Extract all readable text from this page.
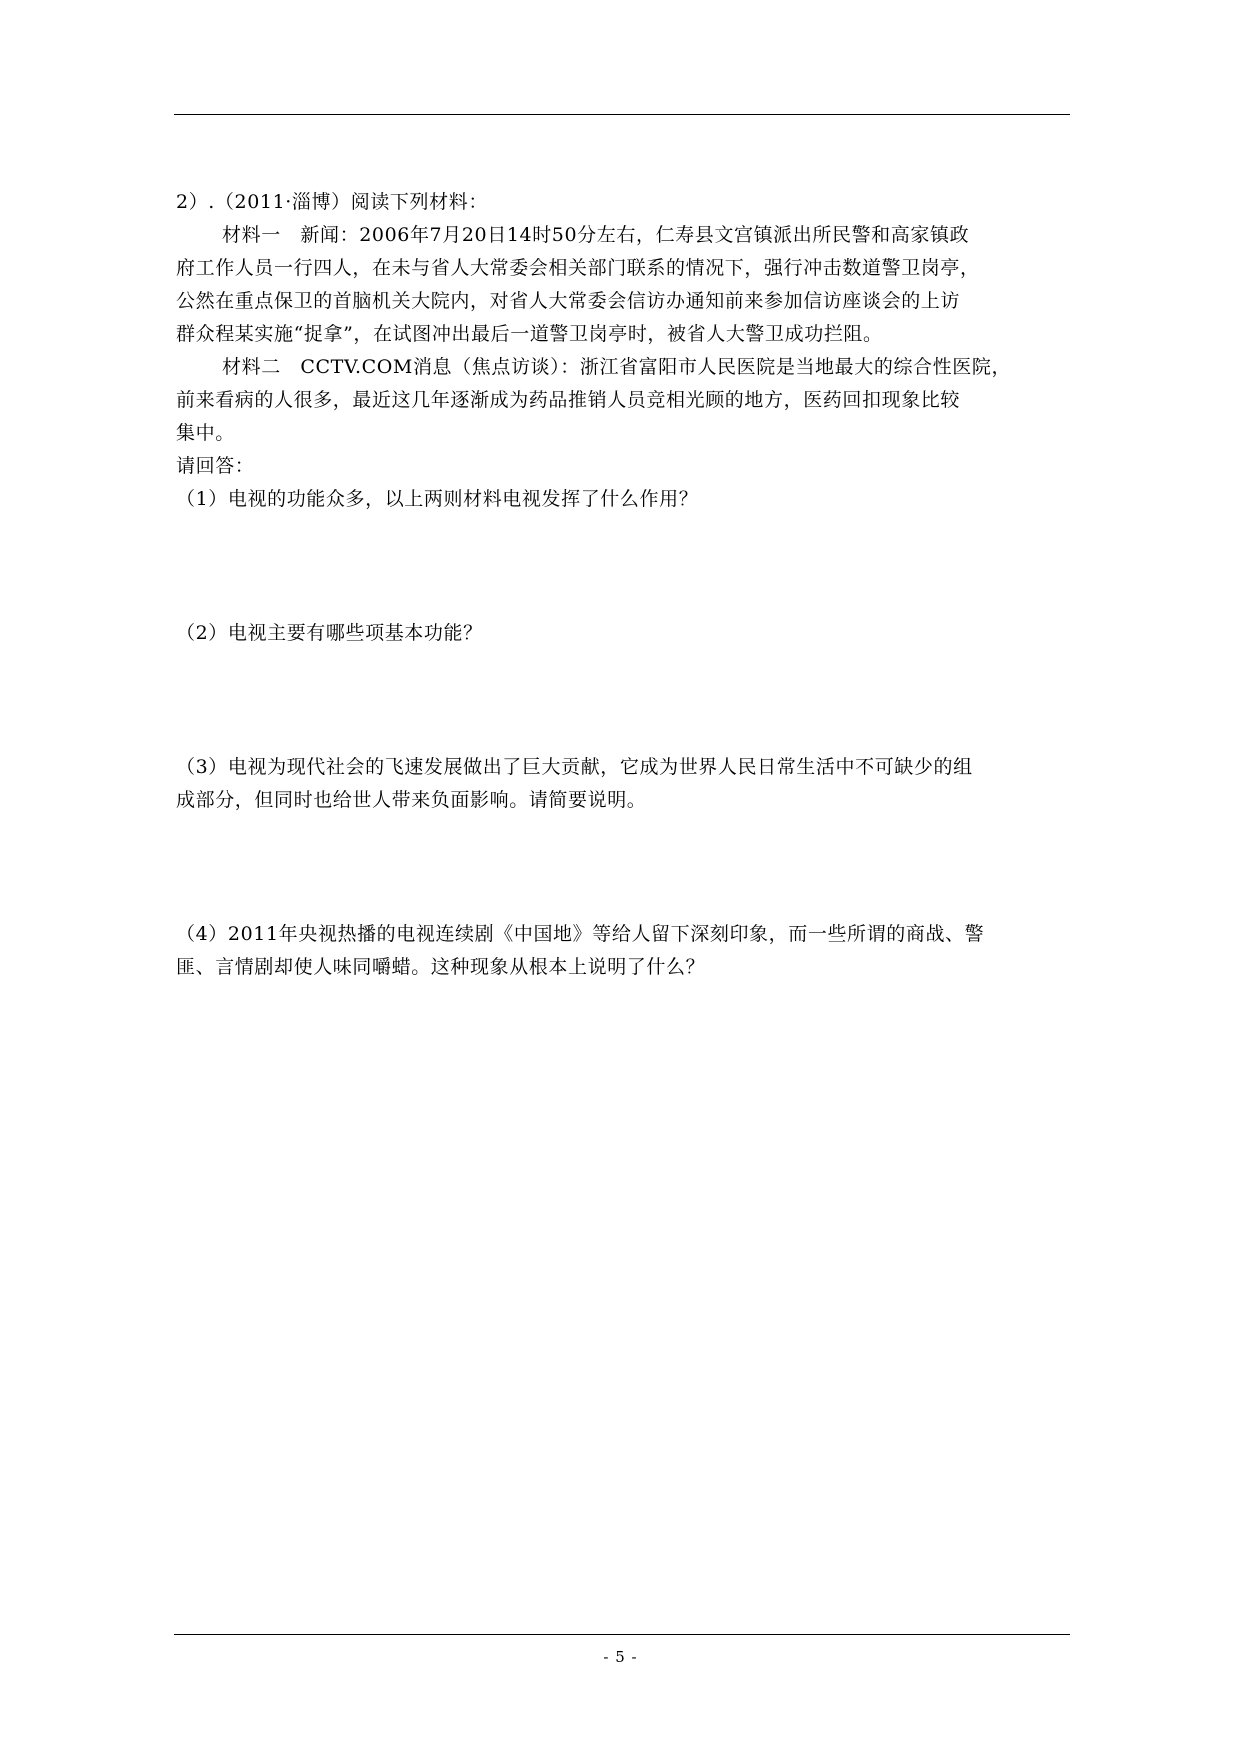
2）.（2011·淄博）阅读下列材料：
材料一　新闻：2006年7月20日14时50分左右，仁寿县文宫镇派出所民警和高家镇政
府工作人员一行四人，在未与省人大常委会相关部门联系的情况下，强行冲击数道警卫岗亭，
公然在重点保卫的首脑机关大院内，对省人大常委会信访办通知前来参加信访座谈会的上访
群众程某实施“捉拿”，在试图冲出最后一道警卫岗亭时，被省人大警卫成功拦阻。
材料二　CCTV.COM消息（焦点访谈）：浙江省富阳市人民医院是当地最大的综合性医院，
前来看病的人很多，最近这几年逐渐成为药品推销人员竞相光顾的地方，医药回扣现象比较
集中。
请回答：
（1）电视的功能众多，以上两则材料电视发挥了什么作用？
（2）电视主要有哪些项基本功能？
（3）电视为现代社会的飞速发展做出了巨大贡献，它成为世界人民日常生活中不可缺少的组
成部分，但同时也给世人带来负面影响。请简要说明。
（4）2011年央视热播的电视连续剧《中国地》等给人留下深刻印象，而一些所谓的商战、警
匪、言情剧却使人味同嚼蜡。这种现象从根本上说明了什么？
- 5 -
